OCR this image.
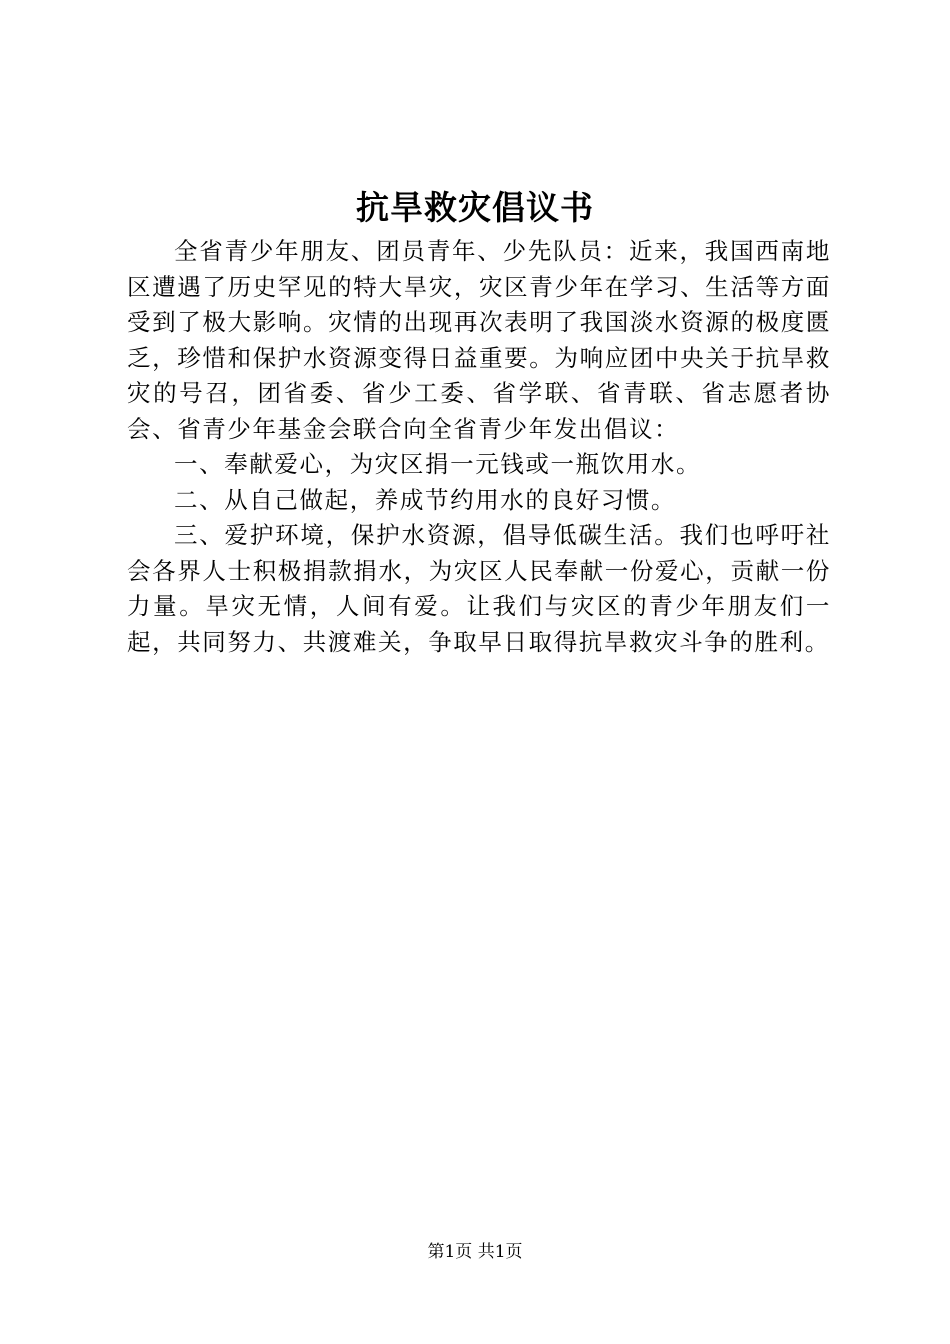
抗旱救灾倡议书

全省青少年朋友、团员青年、少先队员：近来，我国西南地区遭遇了历史罕见的特大旱灾，灾区青少年在学习、生活等方面受到了极大影响。灾情的出现再次表明了我国淡水资源的极度匮乏，珍惜和保护水资源变得日益重要。为响应团中央关于抗旱救灾的号召，团省委、省少工委、省学联、省青联、省志愿者协会、省青少年基金会联合向全省青少年发出倡议：

一、奉献爱心，为灾区捐一元钱或一瓶饮用水。

二、从自己做起，养成节约用水的良好习惯。

三、爱护环境，保护水资源，倡导低碳生活。我们也呼吁社会各界人士积极捐款捐水，为灾区人民奉献一份爱心，贡献一份力量。旱灾无情，人间有爱。让我们与灾区的青少年朋友们一起，共同努力、共渡难关，争取早日取得抗旱救灾斗争的胜利。

第1页 共1页
